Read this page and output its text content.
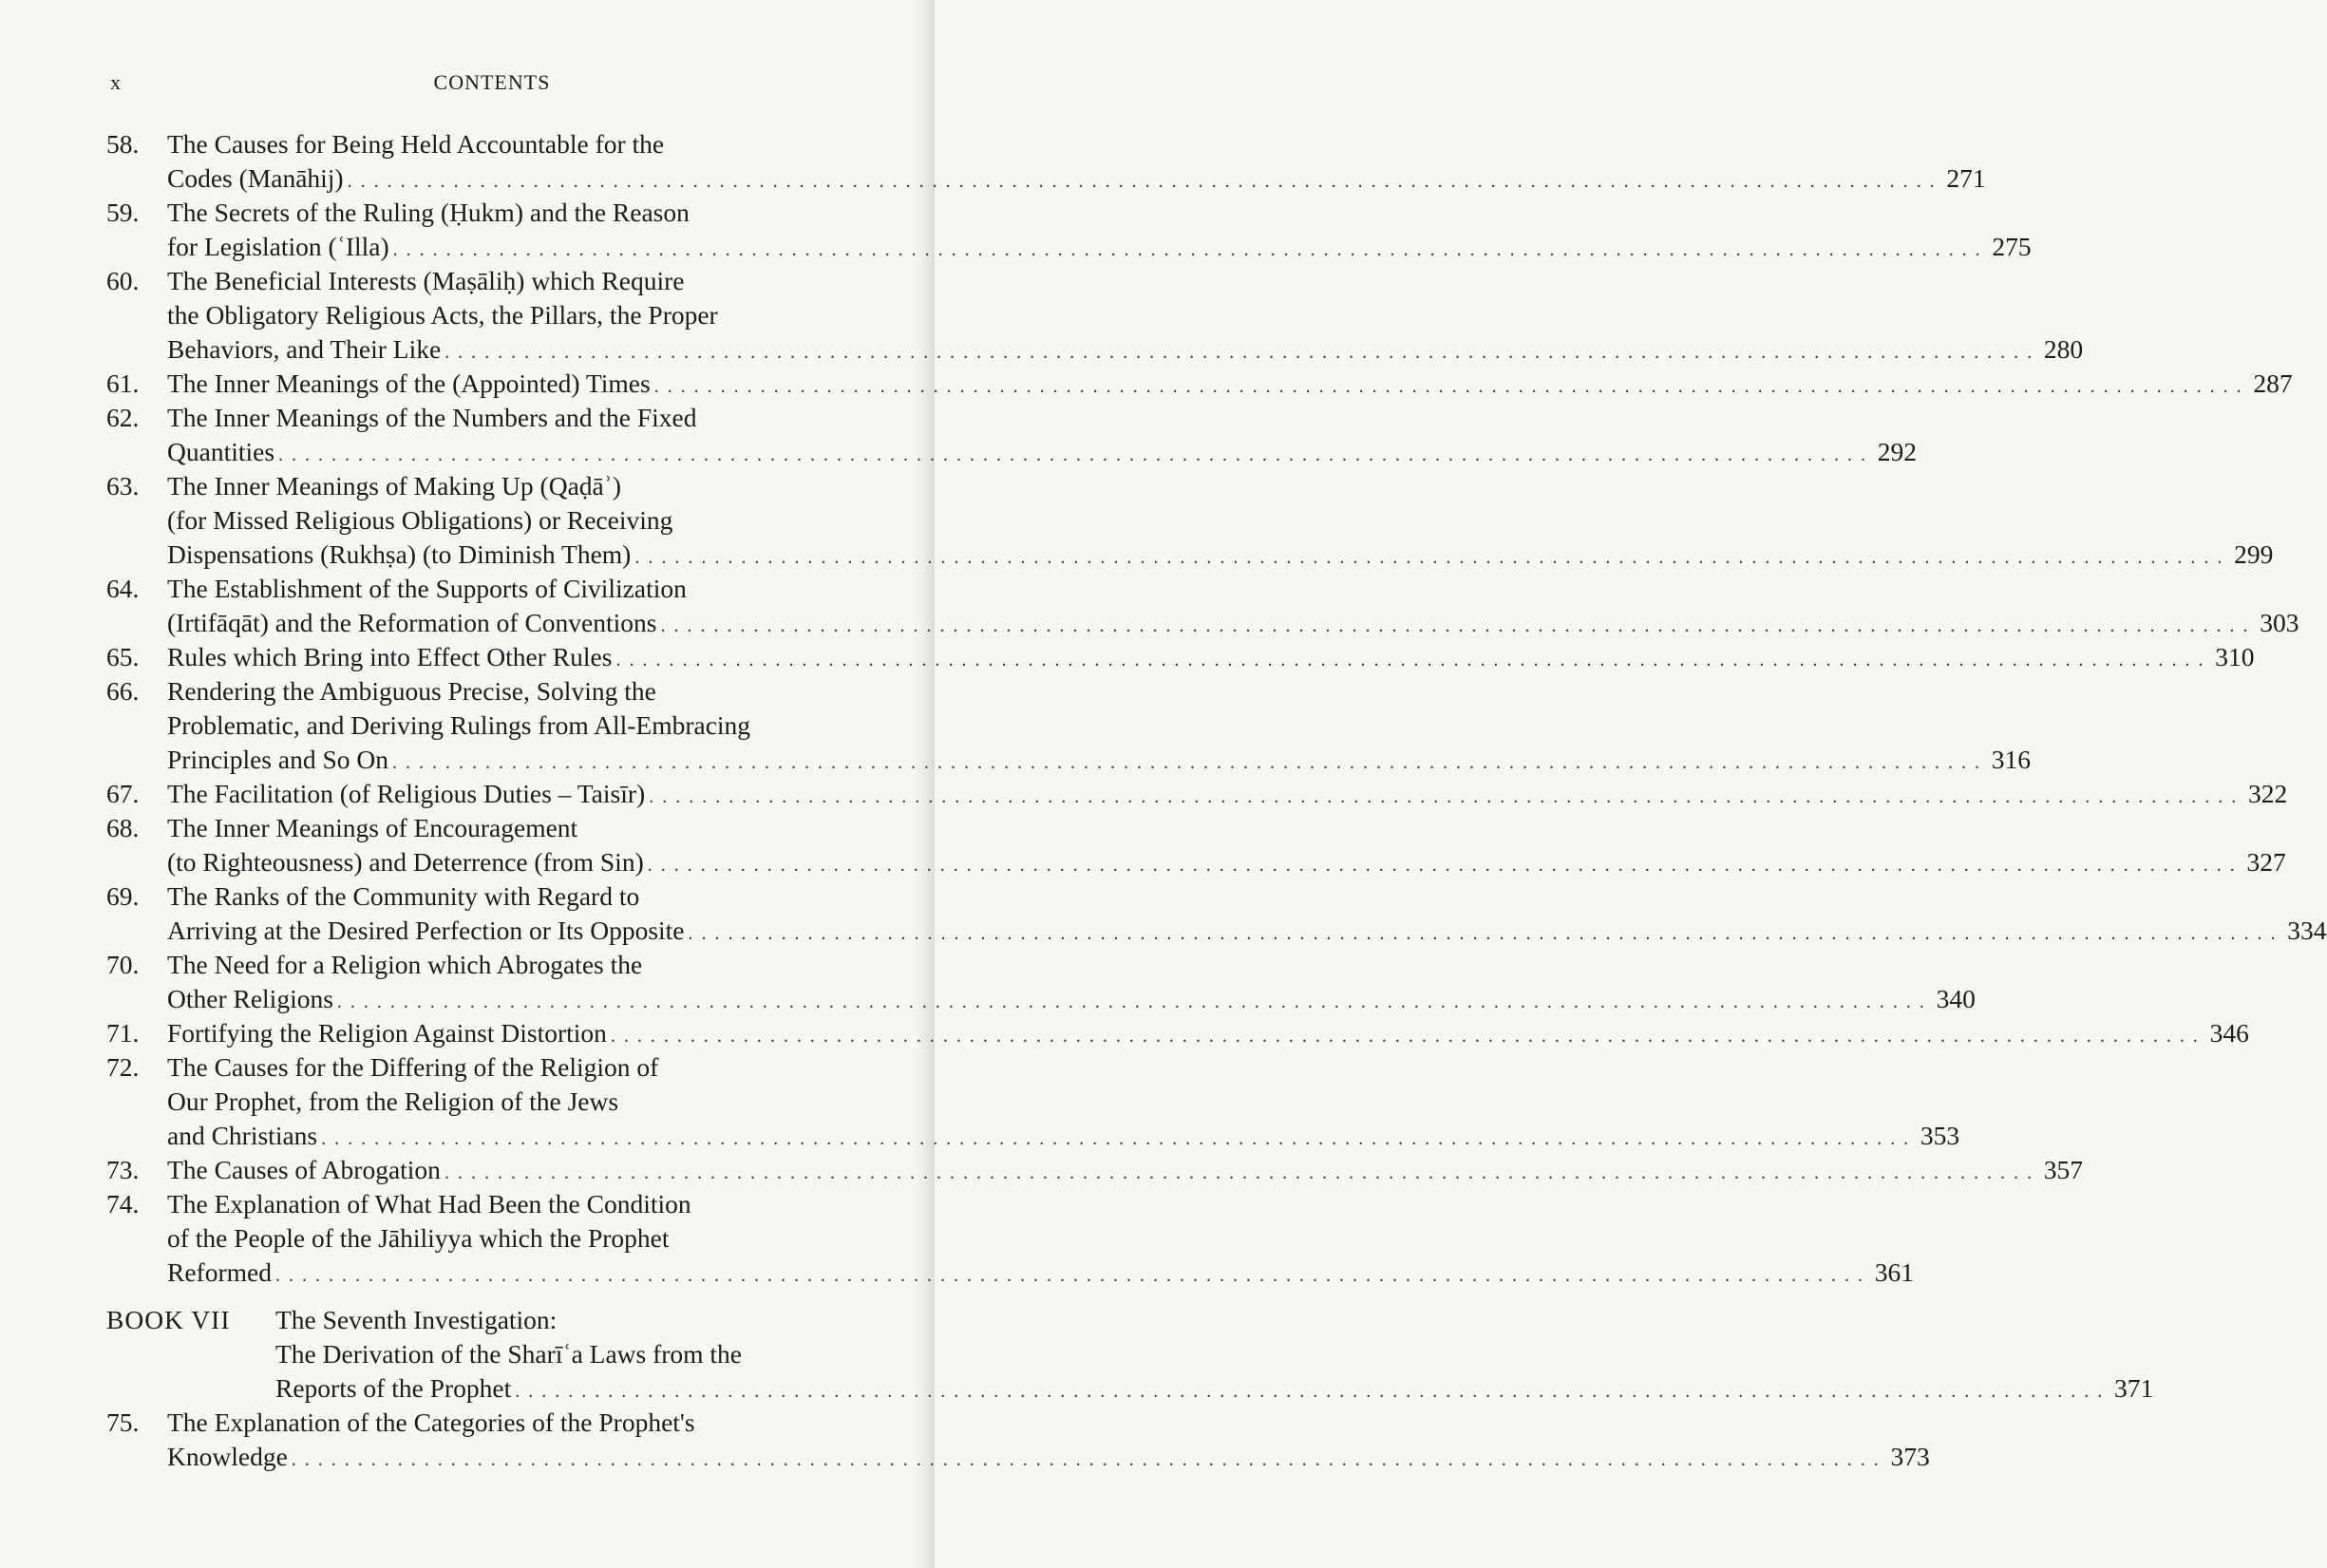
x	CONTENTS
58.	The Causes for Being Held Accountable for the
Codes (Manāhij) . . . . . . . . . . . . . . . . . . . . . . . . . . . . . . . . . . . . . . . . . . . . . . . . . . . . . . . . . . . . . . . . . . . . . . . . . . . . . . . . . . . . . . . . . . . . . . . . . . . . . . . . . . . . . . . . . . . . . . . . 271
59.	The Secrets of the Ruling (Ḥukm) and the Reason
for Legislation (ʿIlla) . . . . . . . . . . . . . . . . . . . . . . . . . . . . . . . . . . . . . . . . . . . . . . . . . . . . . . . . . . . . . . . . . . . . . . . . . . . . . . . . . . . . . . . . . . . . . . . . . . . . . . . . . . . . . . . . . . . . . . . . 275
60.	The Beneficial Interests (Maṣāliḥ) which Require
the Obligatory Religious Acts, the Pillars, the Proper
Behaviors, and Their Like . . . . . . . . . . . . . . . . . . . . . . . . . . . . . . . . . . . . . . . . . . . . . . . . . . . . . . . . . . . . . . . . . . . . . . . . . . . . . . . . . . . . . . . . . . . . . . . . . . . . . . . . . . . . . . . . . . . . . . . . 280
61.	The Inner Meanings of the (Appointed) Times . . . . . . . . . . . . . . . . . . . . . . . . . . . . . . . . . . . . . . . . . . . . . . . . . . . . . . . . . . . . . . . . . . . . . . . . . . . . . . . . . . . . . . . . . . . . . . . . . . . . . . . . . . . . . . . . . . . . . . . . 287
62.	The Inner Meanings of the Numbers and the Fixed
Quantities . . . . . . . . . . . . . . . . . . . . . . . . . . . . . . . . . . . . . . . . . . . . . . . . . . . . . . . . . . . . . . . . . . . . . . . . . . . . . . . . . . . . . . . . . . . . . . . . . . . . . . . . . . . . . . . . . . . . . . . . 292
63.	The Inner Meanings of Making Up (Qaḍāʾ)
(for Missed Religious Obligations) or Receiving
Dispensations (Rukhṣa) (to Diminish Them) . . . . . . . . . . . . . . . . . . . . . . . . . . . . . . . . . . . . . . . . . . . . . . . . . . . . . . . . . . . . . . . . . . . . . . . . . . . . . . . . . . . . . . . . . . . . . . . . . . . . . . . . . . . . . . . . . . . . . . . . 299
64.	The Establishment of the Supports of Civilization
(Irtifāqāt) and the Reformation of Conventions . . . . . . . . . . . . . . . . . . . . . . . . . . . . . . . . . . . . . . . . . . . . . . . . . . . . . . . . . . . . . . . . . . . . . . . . . . . . . . . . . . . . . . . . . . . . . . . . . . . . . . . . . . . . . . . . . . . . . . . . 303
65.	Rules which Bring into Effect Other Rules . . . . . . . . . . . . . . . . . . . . . . . . . . . . . . . . . . . . . . . . . . . . . . . . . . . . . . . . . . . . . . . . . . . . . . . . . . . . . . . . . . . . . . . . . . . . . . . . . . . . . . . . . . . . . . . . . . . . . . . . 310
66.	Rendering the Ambiguous Precise, Solving the
Problematic, and Deriving Rulings from All-Embracing
Principles and So On . . . . . . . . . . . . . . . . . . . . . . . . . . . . . . . . . . . . . . . . . . . . . . . . . . . . . . . . . . . . . . . . . . . . . . . . . . . . . . . . . . . . . . . . . . . . . . . . . . . . . . . . . . . . . . . . . . . . . . . . 316
67.	The Facilitation (of Religious Duties – Taisīr) . . . . . . . . . . . . . . . . . . . . . . . . . . . . . . . . . . . . . . . . . . . . . . . . . . . . . . . . . . . . . . . . . . . . . . . . . . . . . . . . . . . . . . . . . . . . . . . . . . . . . . . . . . . . . . . . . . . . . . . . 322
68.	The Inner Meanings of Encouragement
(to Righteousness) and Deterrence (from Sin) . . . . . . . . . . . . . . . . . . . . . . . . . . . . . . . . . . . . . . . . . . . . . . . . . . . . . . . . . . . . . . . . . . . . . . . . . . . . . . . . . . . . . . . . . . . . . . . . . . . . . . . . . . . . . . . . . . . . . . . . 327
69.	The Ranks of the Community with Regard to
Arriving at the Desired Perfection or Its Opposite . . . . . . . . . . . . . . . . . . . . . . . . . . . . . . . . . . . . . . . . . . . . . . . . . . . . . . . . . . . . . . . . . . . . . . . . . . . . . . . . . . . . . . . . . . . . . . . . . . . . . . . . . . . . . . . . . . . . . . . . 334
70.	The Need for a Religion which Abrogates the
Other Religions . . . . . . . . . . . . . . . . . . . . . . . . . . . . . . . . . . . . . . . . . . . . . . . . . . . . . . . . . . . . . . . . . . . . . . . . . . . . . . . . . . . . . . . . . . . . . . . . . . . . . . . . . . . . . . . . . . . . . . . . 340
71.	Fortifying the Religion Against Distortion . . . . . . . . . . . . . . . . . . . . . . . . . . . . . . . . . . . . . . . . . . . . . . . . . . . . . . . . . . . . . . . . . . . . . . . . . . . . . . . . . . . . . . . . . . . . . . . . . . . . . . . . . . . . . . . . . . . . . . . . 346
72.	The Causes for the Differing of the Religion of
Our Prophet, from the Religion of the Jews
and Christians . . . . . . . . . . . . . . . . . . . . . . . . . . . . . . . . . . . . . . . . . . . . . . . . . . . . . . . . . . . . . . . . . . . . . . . . . . . . . . . . . . . . . . . . . . . . . . . . . . . . . . . . . . . . . . . . . . . . . . . . 353
73.	The Causes of Abrogation . . . . . . . . . . . . . . . . . . . . . . . . . . . . . . . . . . . . . . . . . . . . . . . . . . . . . . . . . . . . . . . . . . . . . . . . . . . . . . . . . . . . . . . . . . . . . . . . . . . . . . . . . . . . . . . . . . . . . . . . 357
74.	The Explanation of What Had Been the Condition
of the People of the Jāhiliyya which the Prophet
Reformed . . . . . . . . . . . . . . . . . . . . . . . . . . . . . . . . . . . . . . . . . . . . . . . . . . . . . . . . . . . . . . . . . . . . . . . . . . . . . . . . . . . . . . . . . . . . . . . . . . . . . . . . . . . . . . . . . . . . . . . . 361
BOOK VII The Seventh Investigation:
The Derivation of the Sharīʿa Laws from the
Reports of the Prophet . . . . . . . . . . . . . . . . . . . . . . . . . . . . . . . . . . . . . . . . . . . . . . . . . . . . . . . . . . . . . . . . . . . . . . . . . . . . . . . . . . . . . . . . . . . . . . . . . . . . . . . . . . . . . . . . . . . . . . . . 371
75.	The Explanation of the Categories of the Prophet's
Knowledge . . . . . . . . . . . . . . . . . . . . . . . . . . . . . . . . . . . . . . . . . . . . . . . . . . . . . . . . . . . . . . . . . . . . . . . . . . . . . . . . . . . . . . . . . . . . . . . . . . . . . . . . . . . . . . . . . . . . . . . . 373
